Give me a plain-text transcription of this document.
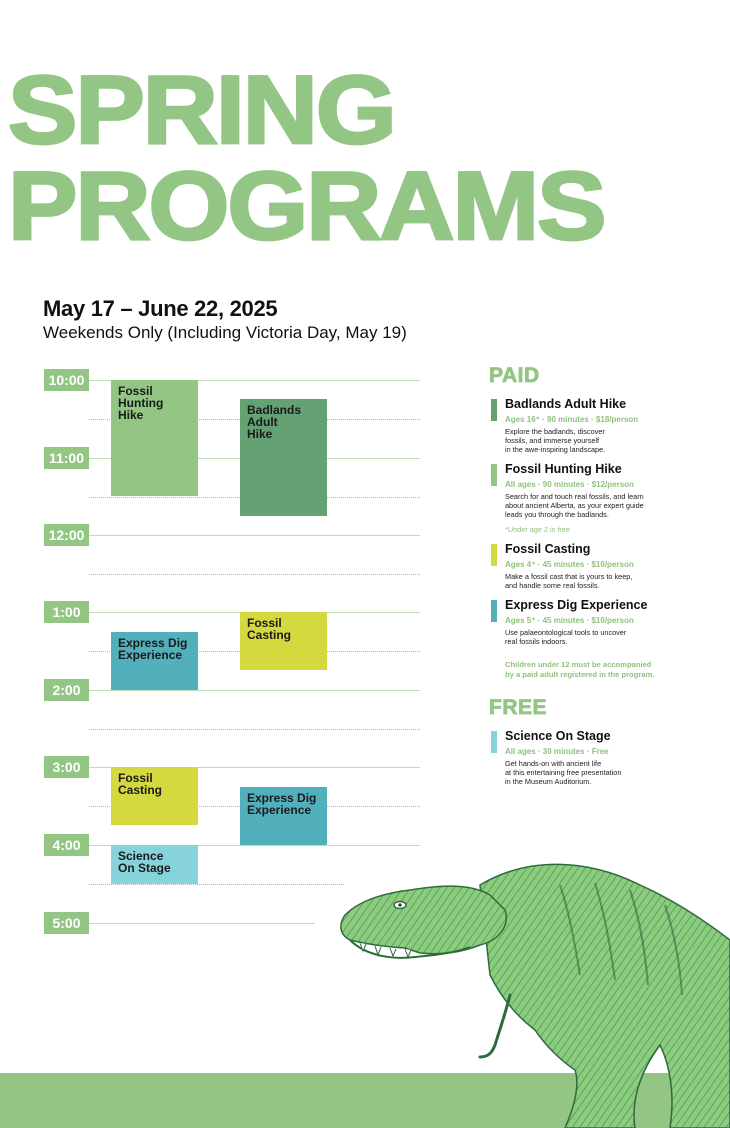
SPRING
PROGRAMS
May 17 – June 22, 2025
Weekends Only (Including Victoria Day, May 19)
10:00
11:00
12:00
1:00
2:00
3:00
4:00
5:00
Fossil
Hunting
Hike	Badlands
Adult
Hike
Express Dig
Experience
Fossil
Casting
Fossil
Casting
Express Dig
Experience
Science
On Stage
PAID
Badlands Adult Hike
Ages 16⁺ · 90 minutes · $18/person
Explore the badlands, discover
fossils, and immerse yourself
in the awe-inspiring landscape.
Fossil Hunting Hike
All ages · 90 minutes · $12/person
Search for and touch real fossils, and learn
about ancient Alberta, as your expert guide
leads you through the badlands.
*Under age 2 is free
Fossil Casting
Ages 4⁺ · 45 minutes · $10/person
Make a fossil cast that is yours to keep,
and handle some real fossils.
Express Dig Experience
Ages 5⁺ · 45 minutes · $10/person
Use palaeontological tools to uncover
real fossils indoors.
Children under 12 must be accompanied
by a paid adult registered in the program.
FREE
Science On Stage
All ages · 30 minutes · Free
Get hands-on with ancient life
at this entertaining free presentation
in the Museum Auditorium.
